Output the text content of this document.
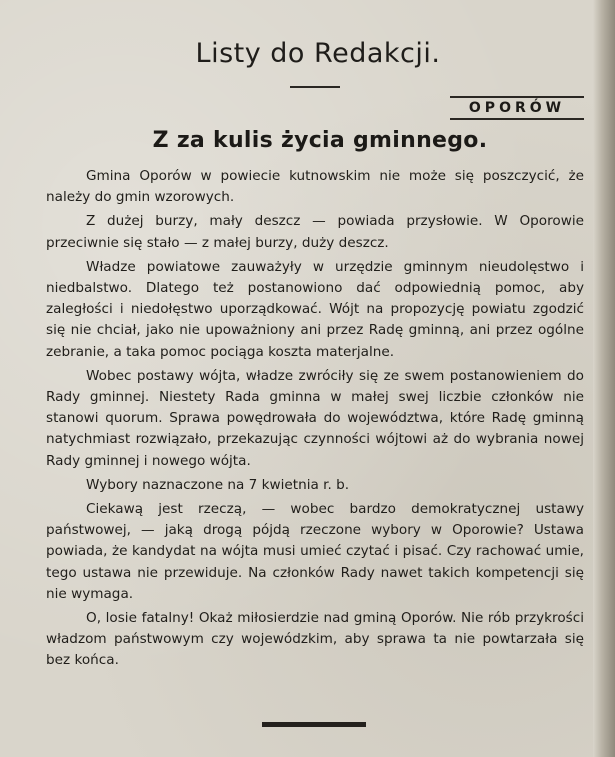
Listy do Redakcji.
OPORÓW
Z za kulis życia gminnego.

Gmina Oporów w powiecie kutnowskim nie może się poszczycić, że należy do gmin wzorowych.

Z dużej burzy, mały deszcz — powiada przysłowie. W Oporowie przeciwnie się stało — z małej burzy, duży deszcz.

Władze powiatowe zauważyły w urzędzie gminnym nieudolęstwo i niedbalstwo. Dlatego też postanowiono dać odpowiednią pomoc, aby zaległości i niedołęstwo uporządkować. Wójt na propozycję powiatu zgodzić się nie chciał, jako nie upoważniony ani przez Radę gminną, ani przez ogólne zebranie, a taka pomoc pociąga koszta materjalne.

Wobec postawy wójta, władze zwróciły się ze swem postanowieniem do Rady gminnej. Niestety Rada gminna w małej swej liczbie członków nie stanowi quorum. Sprawa powędrowała do województwa, które Radę gminną natychmiast rozwiązało, przekazując czynności wójtowi aż do wybrania nowej Rady gminnej i nowego wójta.

Wybory naznaczone na 7 kwietnia r. b.

Ciekawą jest rzeczą, — wobec bardzo demokratycznej ustawy państwowej, — jaką drogą pójdą rzeczone wybory w Oporowie? Ustawa powiada, że kandydat na wójta musi umieć czytać i pisać. Czy rachować umie, tego ustawa nie przewiduje. Na członków Rady nawet takich kompetencji się nie wymaga.

O, losie fatalny! Okaż miłosierdzie nad gminą Oporów. Nie rób przykrości władzom państwowym czy wojewódzkim, aby sprawa ta nie powtarzała się bez końca.
